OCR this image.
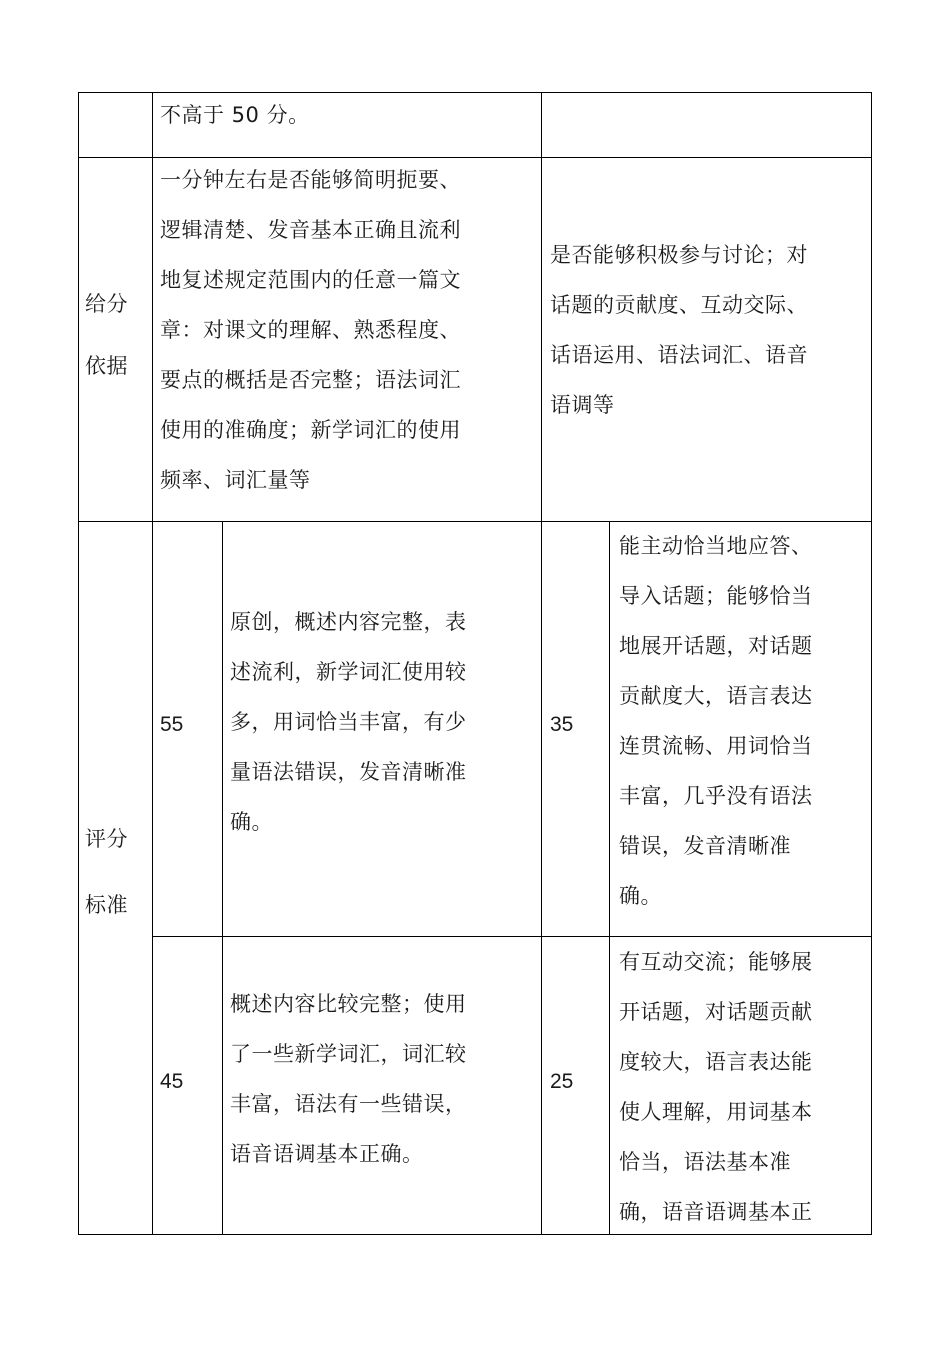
不高于 50 分。
给分
依据
一分钟左右是否能够简明扼要、
逻辑清楚、发音基本正确且流利
地复述规定范围内的任意一篇文
章：对课文的理解、熟悉程度、
要点的概括是否完整；语法词汇
使用的准确度；新学词汇的使用
频率、词汇量等
是否能够积极参与讨论；对
话题的贡献度、互动交际、
话语运用、语法词汇、语音
语调等
评分
标准
55
原创，概述内容完整，表
述流利，新学词汇使用较
多，用词恰当丰富，有少
量语法错误，发音清晰准
确。
35
能主动恰当地应答、
导入话题；能够恰当
地展开话题，对话题
贡献度大，语言表达
连贯流畅、用词恰当
丰富，几乎没有语法
错误，发音清晰准
确。
45
概述内容比较完整；使用
了一些新学词汇，词汇较
丰富，语法有一些错误，
语音语调基本正确。
25
有互动交流；能够展
开话题，对话题贡献
度较大，语言表达能
使人理解，用词基本
恰当，语法基本准
确，语音语调基本正
